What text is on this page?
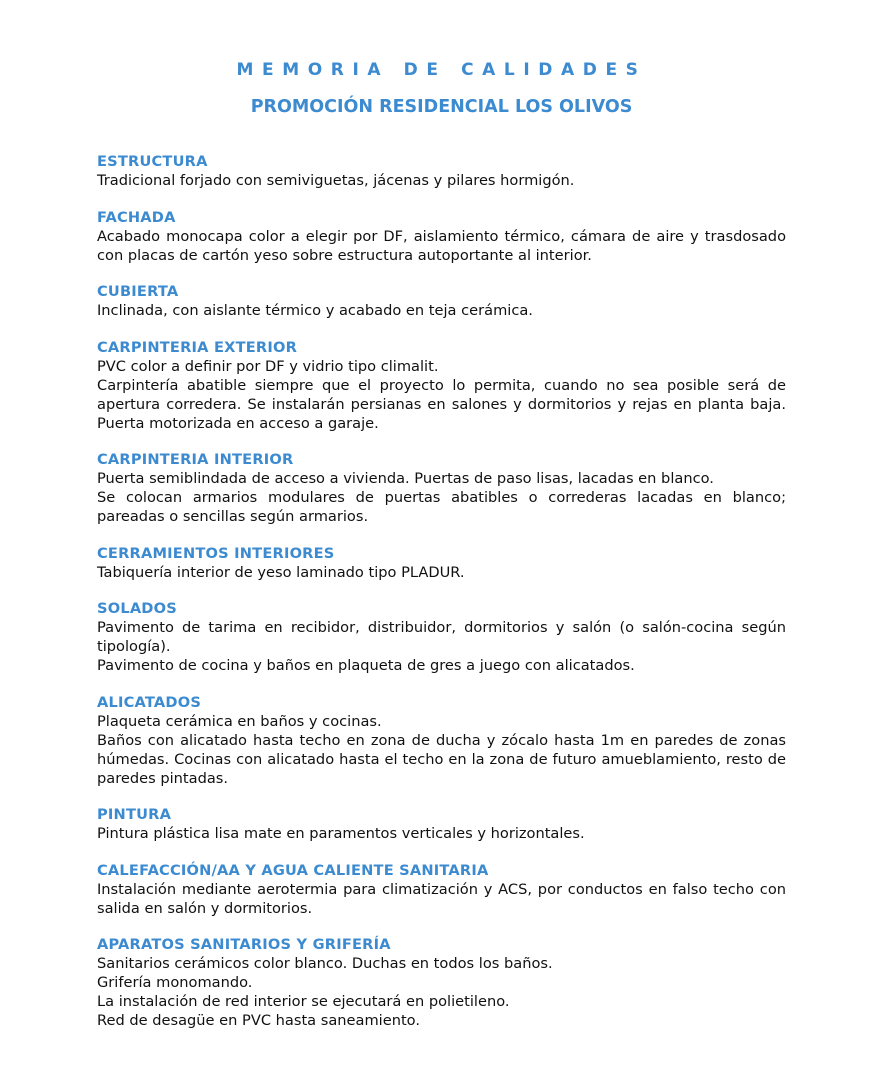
MEMORIA DE CALIDADES
PROMOCIÓN RESIDENCIAL LOS OLIVOS
ESTRUCTURA

Tradicional forjado con semiviguetas, jácenas y pilares hormigón.

FACHADA

Acabado monocapa color a elegir por DF, aislamiento térmico, cámara de aire y trasdosado con placas de cartón yeso sobre estructura autoportante al interior.

CUBIERTA

Inclinada, con aislante térmico y acabado en teja cerámica.

CARPINTERIA EXTERIOR

PVC color a definir por DF y vidrio tipo climalit.

Carpintería abatible siempre que el proyecto lo permita, cuando no sea posible será de apertura corredera. Se instalarán persianas en salones y dormitorios y rejas en planta baja. Puerta motorizada en acceso a garaje.

CARPINTERIA INTERIOR

Puerta semiblindada de acceso a vivienda. Puertas de paso lisas, lacadas en blanco.

Se colocan armarios modulares de puertas abatibles o correderas lacadas en blanco; pareadas o sencillas según armarios.

CERRAMIENTOS INTERIORES

Tabiquería interior de yeso laminado tipo PLADUR.

SOLADOS

Pavimento de tarima en recibidor, distribuidor, dormitorios y salón (o salón-cocina según tipología).

Pavimento de cocina y baños en plaqueta de gres a juego con alicatados.

ALICATADOS

Plaqueta cerámica en baños y cocinas.

Baños con alicatado hasta techo en zona de ducha y zócalo hasta 1m en paredes de zonas húmedas. Cocinas con alicatado hasta el techo en la zona de futuro amueblamiento, resto de paredes pintadas.

PINTURA

Pintura plástica lisa mate en paramentos verticales y horizontales.

CALEFACCIÓN/AA Y AGUA CALIENTE SANITARIA

Instalación mediante aerotermia para climatización y ACS, por conductos en falso techo con salida en salón y dormitorios.

APARATOS SANITARIOS Y GRIFERÍA

Sanitarios cerámicos color blanco. Duchas en todos los baños.

Grifería monomando.

La instalación de red interior se ejecutará en polietileno.

Red de desagüe en PVC hasta saneamiento.
